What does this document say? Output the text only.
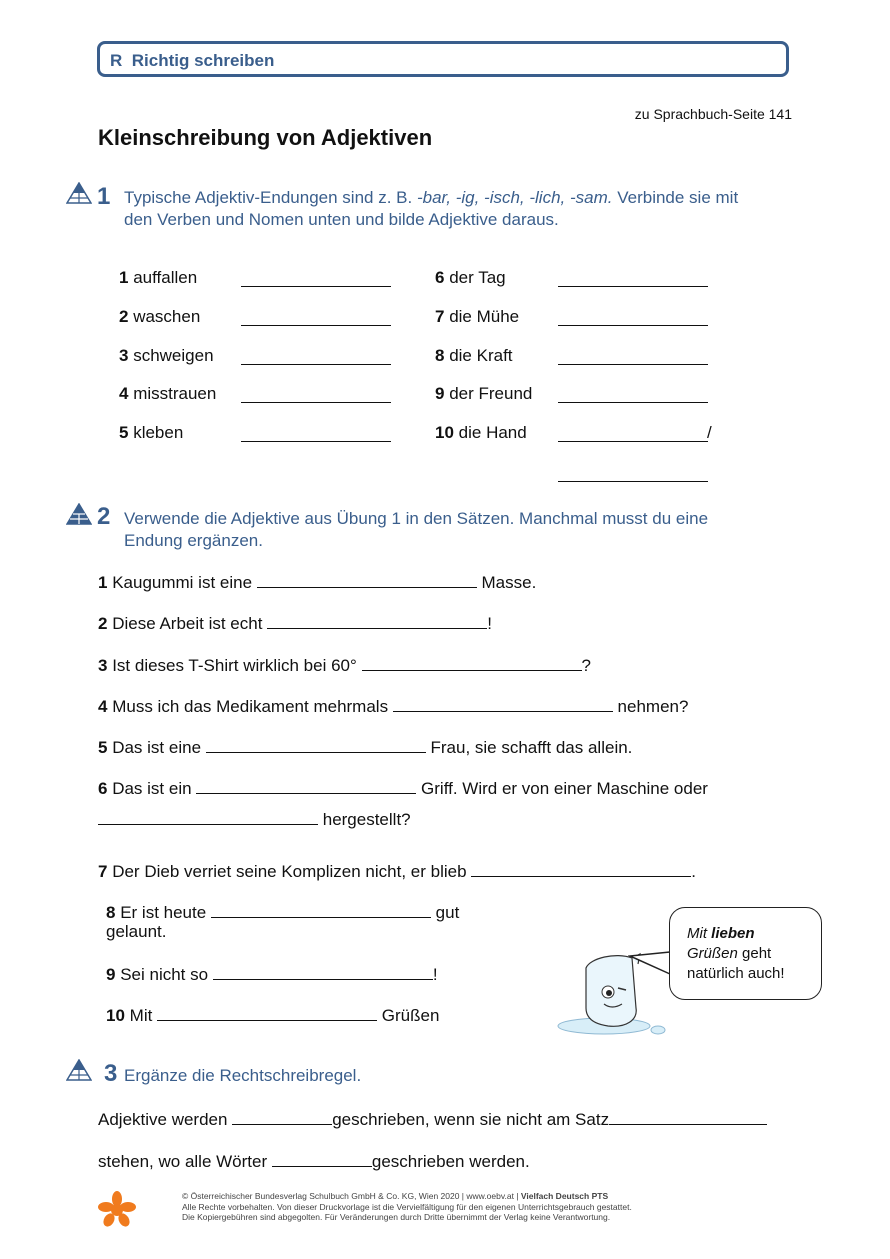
R Richtig schreiben
zu Sprachbuch-Seite 141
Kleinschreibung von Adjektiven
1 Typische Adjektiv-Endungen sind z. B. -bar, -ig, -isch, -lich, -sam. Verbinde sie mit
den Verben und Nomen unten und bilde Adjektive daraus.
1 auffallen
2 waschen
3 schweigen
4 misstrauen
5 kleben
6 der Tag
7 die Mühe
8 die Kraft
9 der Freund
10 die Hand	/
2 Verwende die Adjektive aus Übung 1 in den Sätzen. Manchmal musst du eine
Endung ergänzen.
1 Kaugummi ist eine	Masse.
2 Diese Arbeit ist echt	!
3 Ist dieses T-Shirt wirklich bei 60°	?
4 Muss ich das Medikament mehrmals	nehmen?
5 Das ist eine	Frau, sie schafft das allein.
6 Das ist ein	Griff. Wird er von einer Maschine oder
hergestellt?
7 Der Dieb verriet seine Komplizen nicht, er blieb	.
8 Er ist heute	gut
gelaunt.
9 Sei nicht so	!
10 Mit	Grüßen
Mit lieben
Grüßen geht
natürlich auch!
3 Ergänze die Rechtschreibregel.
Adjektive werden	geschrieben, wenn sie nicht am Satz
stehen, wo alle Wörter	geschrieben werden.
© Österreichischer Bundesverlag Schulbuch GmbH & Co. KG, Wien 2020 | www.oebv.at | Vielfach Deutsch PTS
Alle Rechte vorbehalten. Von dieser Druckvorlage ist die Vervielfältigung für den eigenen Unterrichtsgebrauch gestattet.
Die Kopiergebühren sind abgegolten. Für Veränderungen durch Dritte übernimmt der Verlag keine Verantwortung.
